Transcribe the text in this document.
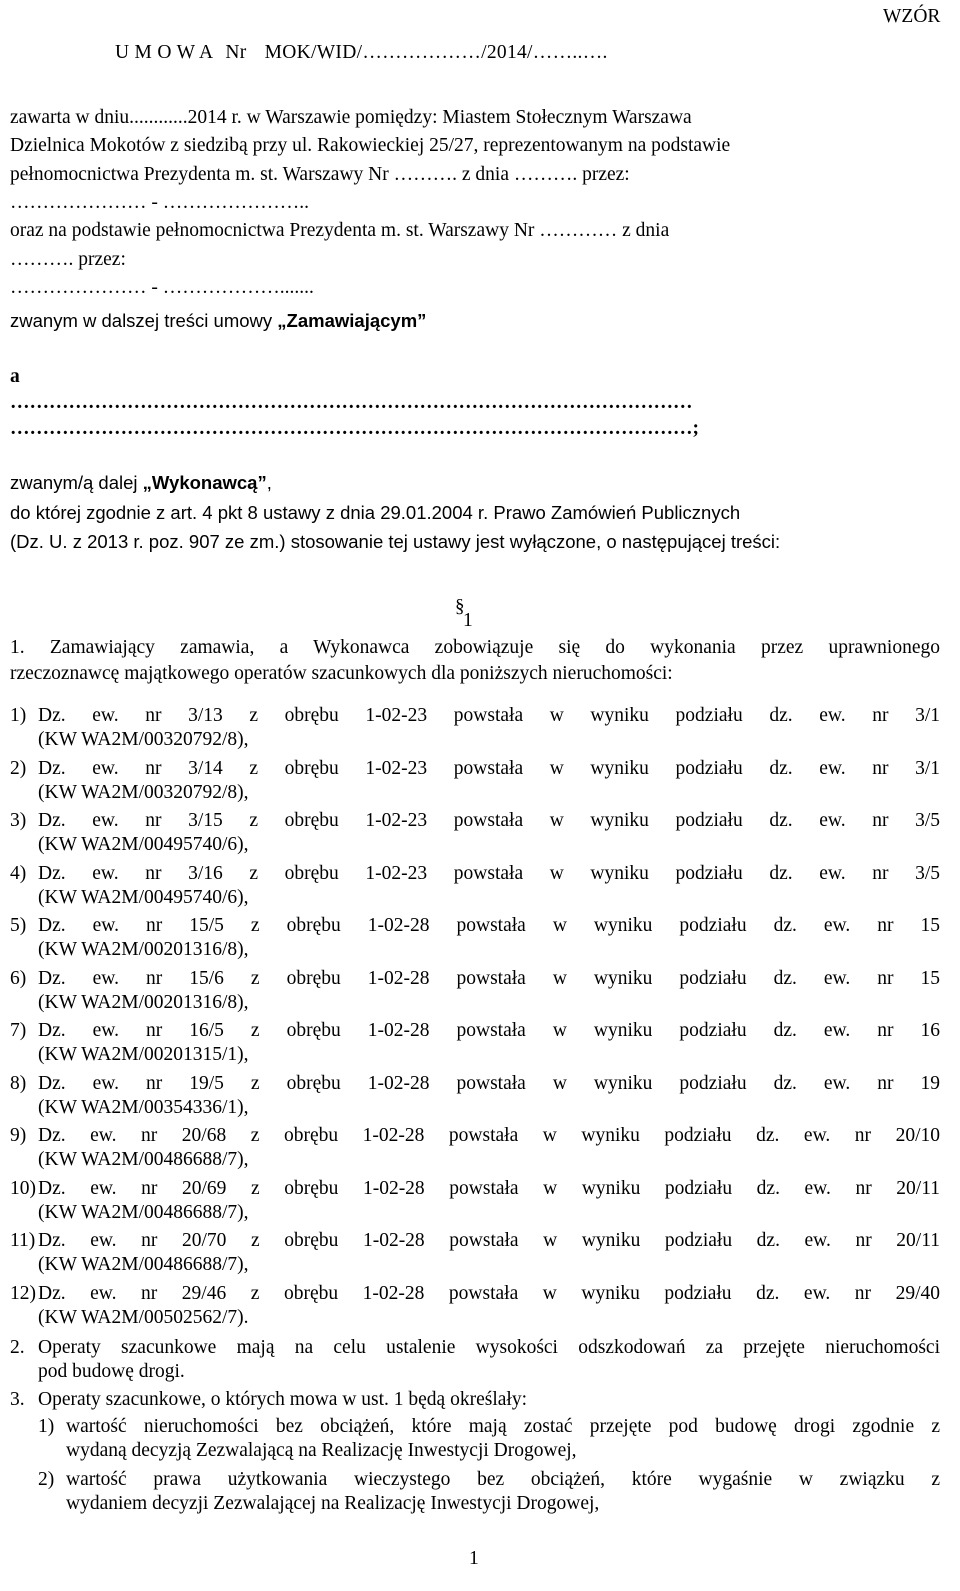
WZÓR
U M O W A Nr MOK/WID/………………/2014/……..….
zawarta w dniu............2014 r. w Warszawie pomiędzy: Miastem Stołecznym Warszawa
Dzielnica Mokotów z siedzibą przy ul. Rakowieckiej 25/27, reprezentowanym na podstawie
pełnomocnictwa Prezydenta m. st. Warszawy Nr ………. z dnia ………. przez:
………………… - …………………..
oraz na podstawie pełnomocnictwa Prezydenta m. st. Warszawy Nr ………… z dnia
………. przez:
………………… - ……………….......
zwanym w dalszej treści umowy „Zamawiającym”
a
……………………………………………………………………………………………
……………………………………………………………………………………………;
zwanym/ą dalej „Wykonawcą”,
do której zgodnie z art. 4 pkt 8 ustawy z dnia 29.01.2004 r. Prawo Zamówień Publicznych
(Dz. U. z 2013 r. poz. 907 ze zm.) stosowanie tej ustawy jest wyłączone, o następującej treści:
§
1
1. Zamawiający zamawia, a Wykonawca zobowiązuje się do wykonania przez uprawnionego
rzeczoznawcę majątkowego operatów szacunkowych dla poniższych nieruchomości:
1) Dz. ew. nr 3/13 z obrębu 1-02-23 powstała w wyniku podziału dz. ew. nr 3/1
(KW WA2M/00320792/8),
2) Dz. ew. nr 3/14 z obrębu 1-02-23 powstała w wyniku podziału dz. ew. nr 3/1
(KW WA2M/00320792/8),
3) Dz. ew. nr 3/15 z obrębu 1-02-23 powstała w wyniku podziału dz. ew. nr 3/5
(KW WA2M/00495740/6),
4) Dz. ew. nr 3/16 z obrębu 1-02-23 powstała w wyniku podziału dz. ew. nr 3/5
(KW WA2M/00495740/6),
5) Dz. ew. nr 15/5 z obrębu 1-02-28 powstała w wyniku podziału dz. ew. nr 15
(KW WA2M/00201316/8),
6) Dz. ew. nr 15/6 z obrębu 1-02-28 powstała w wyniku podziału dz. ew. nr 15
(KW WA2M/00201316/8),
7) Dz. ew. nr 16/5 z obrębu 1-02-28 powstała w wyniku podziału dz. ew. nr 16
(KW WA2M/00201315/1),
8) Dz. ew. nr 19/5 z obrębu 1-02-28 powstała w wyniku podziału dz. ew. nr 19
(KW WA2M/00354336/1),
9) Dz. ew. nr 20/68 z obrębu 1-02-28 powstała w wyniku podziału dz. ew. nr 20/10
(KW WA2M/00486688/7),
10) Dz. ew. nr 20/69 z obrębu 1-02-28 powstała w wyniku podziału dz. ew. nr 20/11
(KW WA2M/00486688/7),
11) Dz. ew. nr 20/70 z obrębu 1-02-28 powstała w wyniku podziału dz. ew. nr 20/11
(KW WA2M/00486688/7),
12) Dz. ew. nr 29/46 z obrębu 1-02-28 powstała w wyniku podziału dz. ew. nr 29/40
(KW WA2M/00502562/7).
2. Operaty szacunkowe mają na celu ustalenie wysokości odszkodowań za przejęte nieruchomości
pod budowę drogi.
3. Operaty szacunkowe, o których mowa w ust. 1 będą określały:
1) wartość nieruchomości bez obciążeń, które mają zostać przejęte pod budowę drogi zgodnie z
wydaną decyzją Zezwalającą na Realizację Inwestycji Drogowej,
2) wartość prawa użytkowania wieczystego bez obciążeń, które wygaśnie w związku z
wydaniem decyzji Zezwalającej na Realizację Inwestycji Drogowej,
1
